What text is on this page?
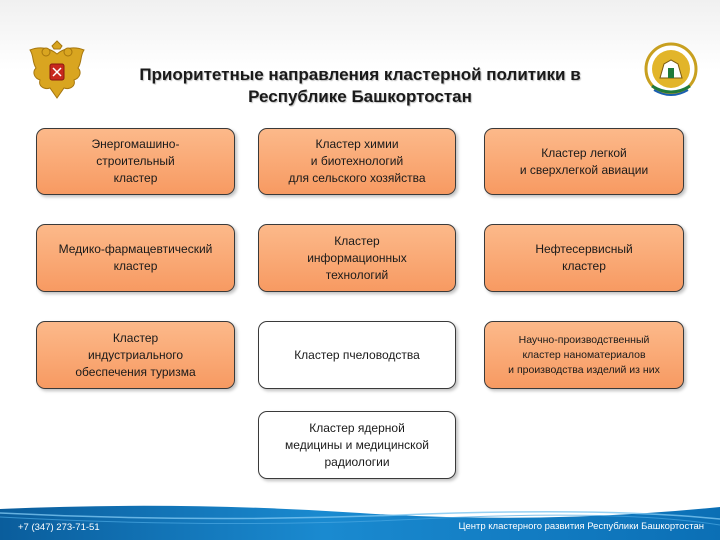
Приоритетные направления кластерной политики в
Республике Башкортостан
Энергомашино-
строительный
кластер
Кластер химии
и биотехнологий
для сельского хозяйства
Кластер легкой
и сверхлегкой авиации
Медико-фармацевтический
кластер
Кластер
информационных
технологий
Нефтесервисный
кластер
Кластер
индустриального
обеспечения туризма
Кластер пчеловодства
Научно-производственный
кластер наноматериалов
и производства изделий из них
Кластер ядерной
медицины и медицинской
радиологии
+7 (347) 273-71-51	Центр кластерного развития Республики Башкортостан
